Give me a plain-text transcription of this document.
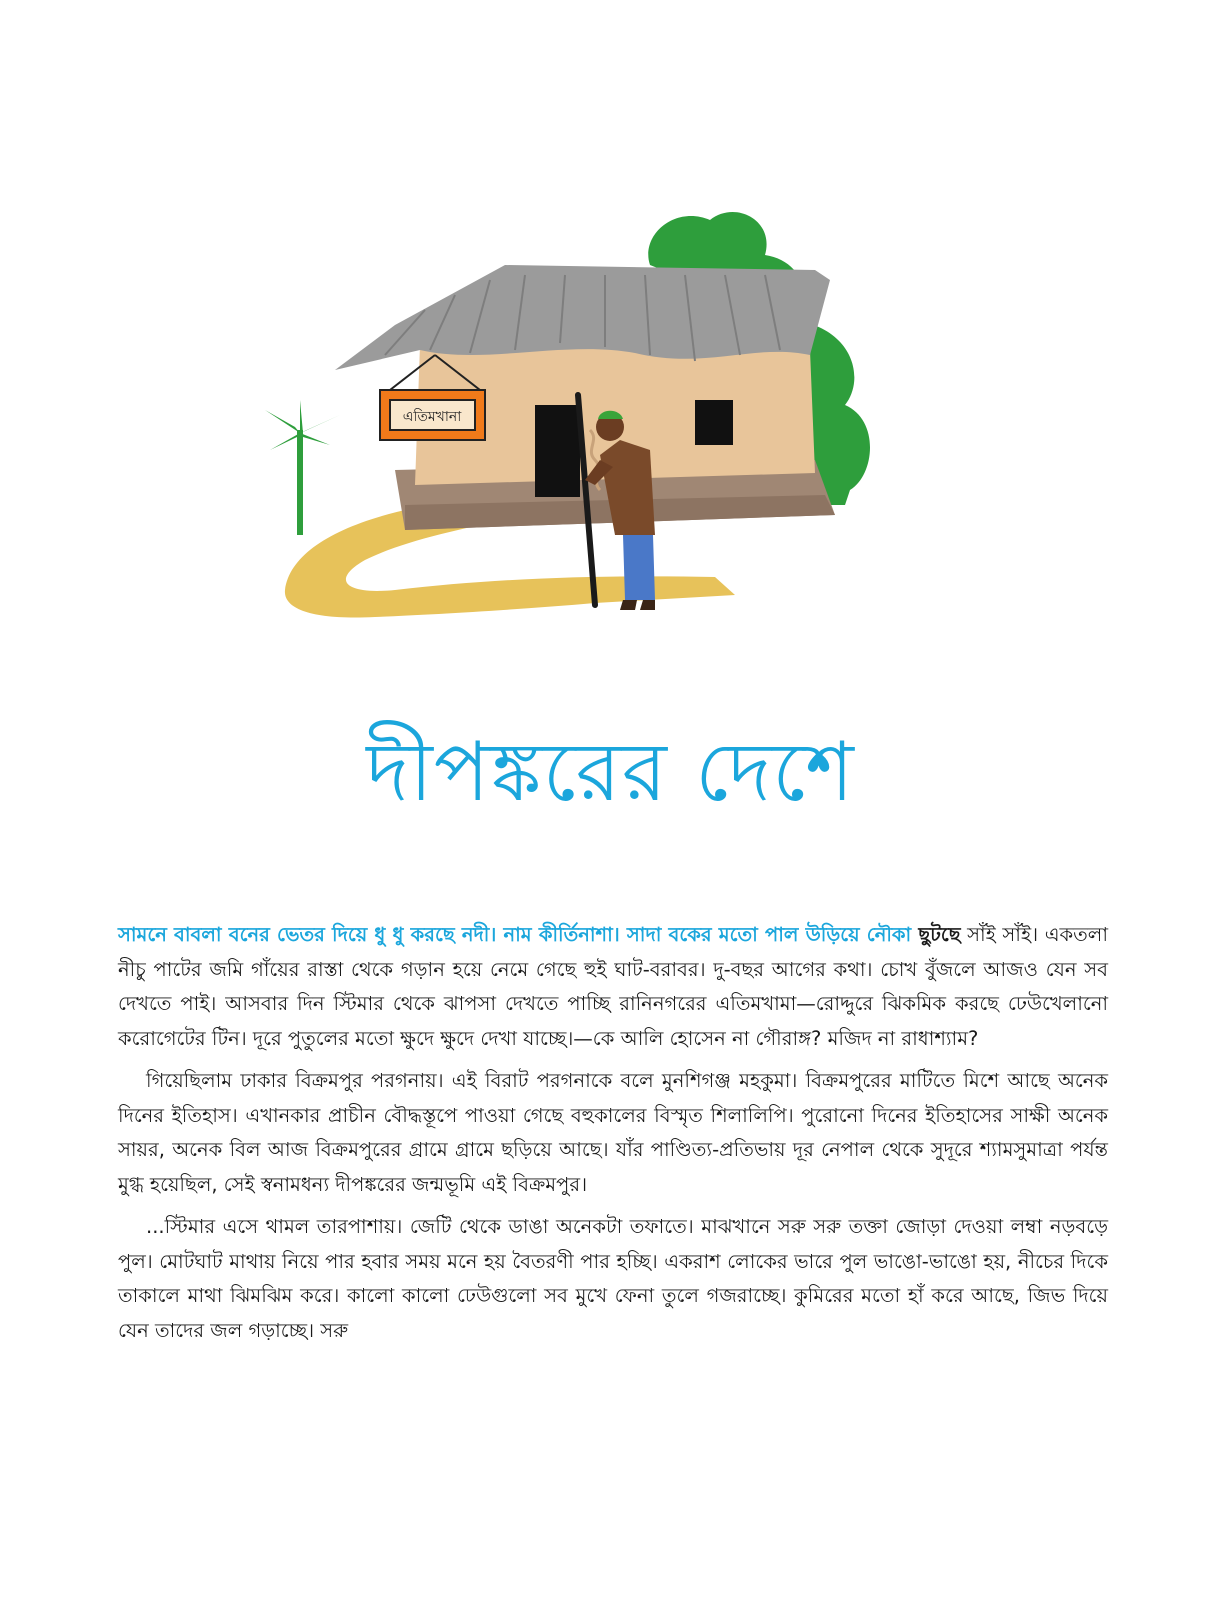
এতিমখানা
দীপঙ্করের দেশে

সামনে বাবলা বনের ভেতর দিয়ে ধু ধু করছে নদী। নাম কীর্তিনাশা। সাদা বকের মতো পাল উড়িয়ে নৌকা ছুটছে সাঁই সাঁই। একতলা নীচু পাটের জমি গাঁয়ের রাস্তা থেকে গড়ান হয়ে নেমে গেছে হুই ঘাট-বরাবর। দু-বছর আগের কথা। চোখ বুঁজলে আজও যেন সব দেখতে পাই। আসবার দিন স্টিমার থেকে ঝাপসা দেখতে পাচ্ছি রানিনগরের এতিমখামা—রোদ্দুরে ঝিকমিক করছে ঢেউখেলানো করোগেটের টিন। দূরে পুতুলের মতো ক্ষুদে ক্ষুদে দেখা যাচ্ছে।—কে আলি হোসেন না গৌরাঙ্গ? মজিদ না রাধাশ্যাম?

গিয়েছিলাম ঢাকার বিক্রমপুর পরগনায়। এই বিরাট পরগনাকে বলে মুনশিগঞ্জ মহকুমা। বিক্রমপুরের মাটিতে মিশে আছে অনেক দিনের ইতিহাস। এখানকার প্রাচীন বৌদ্ধস্তূপে পাওয়া গেছে বহুকালের বিস্মৃত শিলালিপি। পুরোনো দিনের ইতিহাসের সাক্ষী অনেক সায়র, অনেক বিল আজ বিক্রমপুরের গ্রামে গ্রামে ছড়িয়ে আছে। যাঁর পাণ্ডিত্য-প্রতিভায় দূর নেপাল থেকে সুদূরে শ্যামসুমাত্রা পর্যন্ত মুগ্ধ হয়েছিল, সেই স্বনামধন্য দীপঙ্করের জন্মভূমি এই বিক্রমপুর।

...স্টিমার এসে থামল তারপাশায়। জেটি থেকে ডাঙা অনেকটা তফাতে। মাঝখানে সরু সরু তক্তা জোড়া দেওয়া লম্বা নড়বড়ে পুল। মোটঘাট মাথায় নিয়ে পার হবার সময় মনে হয় বৈতরণী পার হচ্ছি। একরাশ লোকের ভারে পুল ভাঙো-ভাঙো হয়, নীচের দিকে তাকালে মাথা ঝিমঝিম করে। কালো কালো ঢেউগুলো সব মুখে ফেনা তুলে গজরাচ্ছে। কুমিরের মতো হাঁ করে আছে, জিভ দিয়ে যেন তাদের জল গড়াচ্ছে। সরু
